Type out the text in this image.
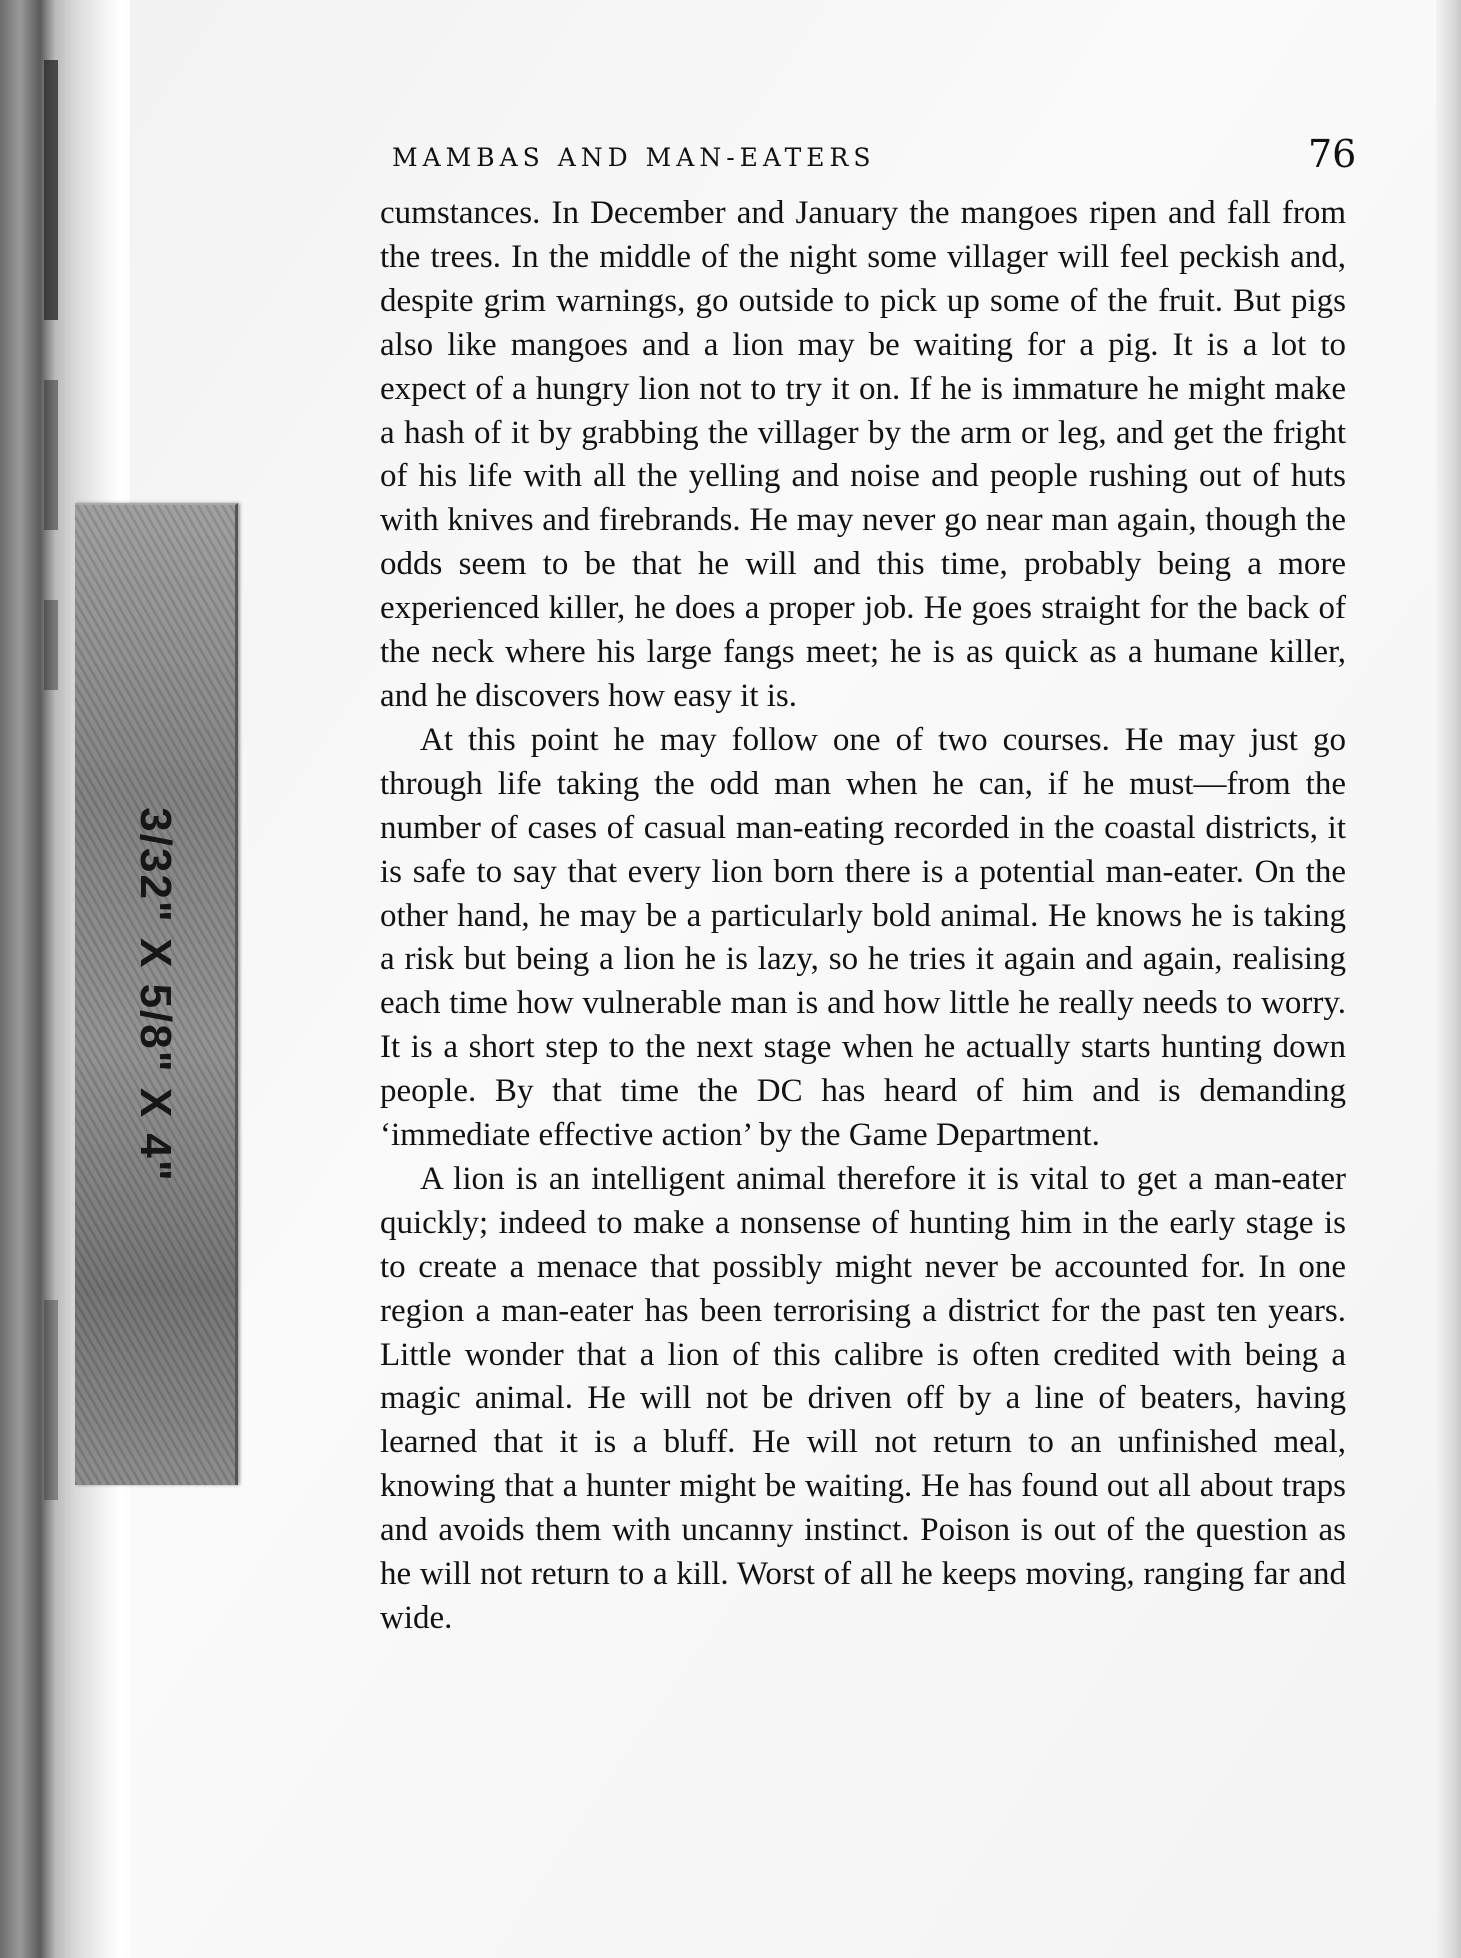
3/32" X 5/8" X 4"
MAMBAS AND MAN-EATERS	76

cumstances. In December and January the mangoes ripen and fall from the trees. In the middle of the night some villager will feel peckish and, despite grim warnings, go outside to pick up some of the fruit. But pigs also like mangoes and a lion may be waiting for a pig. It is a lot to expect of a hungry lion not to try it on. If he is immature he might make a hash of it by grabbing the villager by the arm or leg, and get the fright of his life with all the yelling and noise and people rushing out of huts with knives and firebrands. He may never go near man again, though the odds seem to be that he will and this time, probably being a more experienced killer, he does a proper job. He goes straight for the back of the neck where his large fangs meet; he is as quick as a humane killer, and he discovers how easy it is.

At this point he may follow one of two courses. He may just go through life taking the odd man when he can, if he must—from the number of cases of casual man-eating recorded in the coastal districts, it is safe to say that every lion born there is a potential man-eater. On the other hand, he may be a particularly bold animal. He knows he is taking a risk but being a lion he is lazy, so he tries it again and again, realising each time how vulnerable man is and how little he really needs to worry. It is a short step to the next stage when he actually starts hunting down people. By that time the DC has heard of him and is demanding ‘immediate effective action’ by the Game Department.

A lion is an intelligent animal therefore it is vital to get a man-eater quickly; indeed to make a nonsense of hunting him in the early stage is to create a menace that possibly might never be accounted for. In one region a man-eater has been terrorising a district for the past ten years. Little wonder that a lion of this calibre is often credited with being a magic animal. He will not be driven off by a line of beaters, having learned that it is a bluff. He will not return to an unfinished meal, knowing that a hunter might be waiting. He has found out all about traps and avoids them with uncanny instinct. Poison is out of the question as he will not return to a kill. Worst of all he keeps moving, ranging far and wide.
